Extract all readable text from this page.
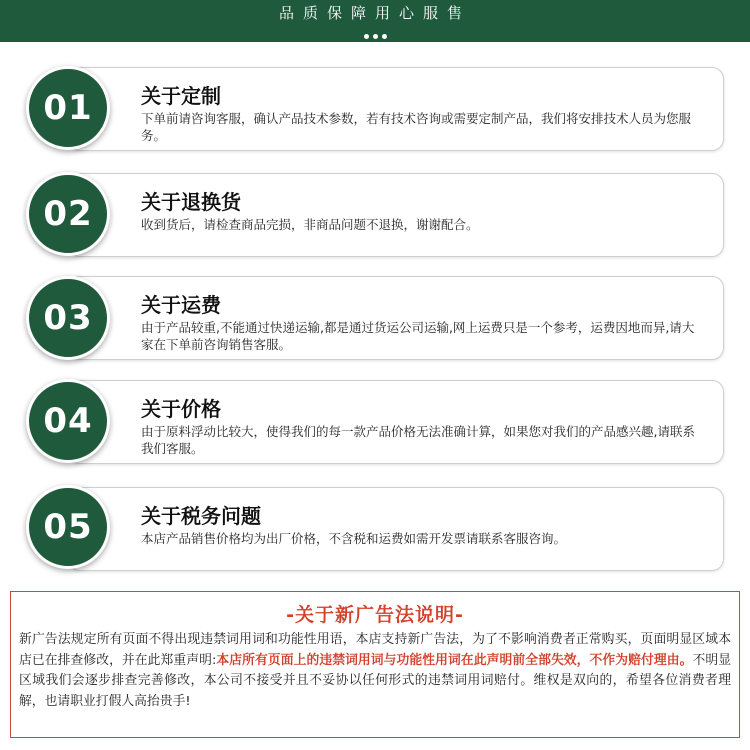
品质保障用心服售
关于定制
下单前请咨询客服，确认产品技术参数，若有技术咨询或需要定制产品，我们将安排技术人员为您服务。
01
关于退换货
收到货后，请检查商品完损，非商品问题不退换，谢谢配合。
02
关于运费
由于产品较重,不能通过快递运输,都是通过货运公司运输,网上运费只是一个参考，运费因地而异,请大家在下单前咨询销售客服。
03
关于价格
由于原料浮动比较大，使得我们的每一款产品价格无法准确计算，如果您对我们的产品感兴趣,请联系我们客服。
04
关于税务问题
本店产品销售价格均为出厂价格，不含税和运费如需开发票请联系客服咨询。
05
-关于新广告法说明-
新广告法规定所有页面不得出现违禁词用词和功能性用语，本店支持新广告法，为了不影响消费者正常购买，页面明显区域本店已在排查修改，并在此郑重声明:本店所有页面上的违禁词用词与功能性用词在此声明前全部失效，不作为赔付理由。不明显区域我们会逐步排查完善修改，本公司不接受并且不妥协以任何形式的违禁词用词赔付。维权是双向的，希望各位消费者理解，也请职业打假人高抬贵手!
